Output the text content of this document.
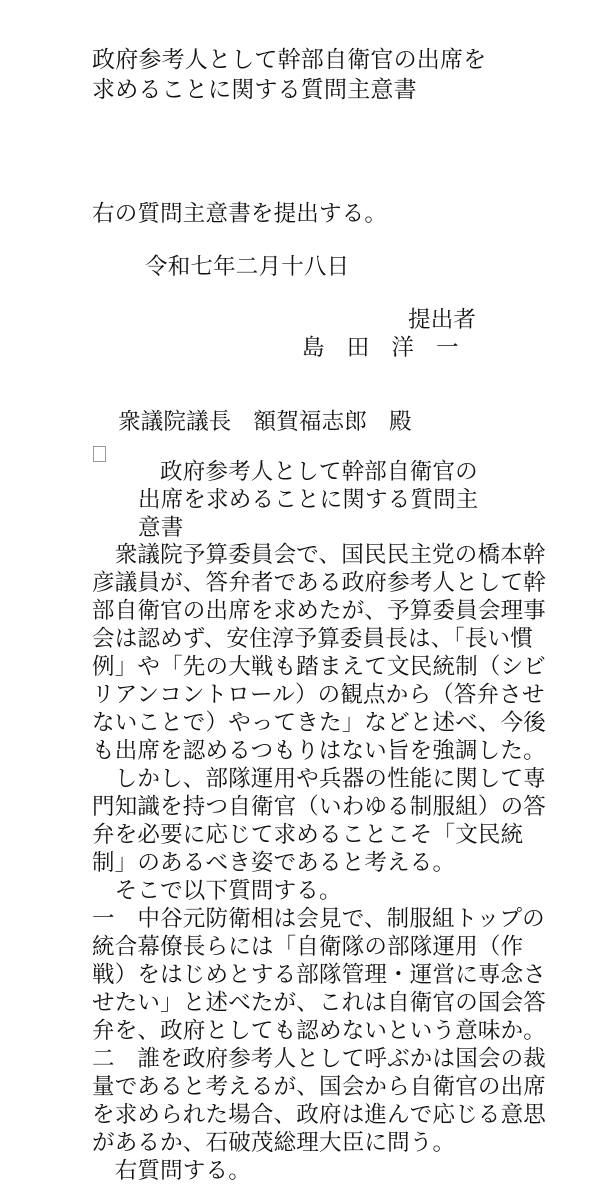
政府参考人として幹部自衛官の出席を
求めることに関する質問主意書
右の質問主意書を提出する。
令和七年二月十八日
提出者
島 田 洋 一
衆議院議長 額賀福志郎 殿
政府参考人として幹部自衛官の
出席を求めることに関する質問主
意書
　衆議院予算委員会で、国民民主党の橋本幹
彦議員が、答弁者である政府参考人として幹
部自衛官の出席を求めたが、予算委員会理事
会は認めず、安住淳予算委員長は、「長い慣
例」や「先の大戦も踏まえて文民統制（シビ
リアンコントロール）の観点から（答弁させ
ないことで）やってきた」などと述べ、今後
も出席を認めるつもりはない旨を強調した。
　しかし、部隊運用や兵器の性能に関して専
門知識を持つ自衛官（いわゆる制服組）の答
弁を必要に応じて求めることこそ「文民統
制」のあるべき姿であると考える。
　そこで以下質問する。
一　中谷元防衛相は会見で、制服組トップの
統合幕僚長らには「自衛隊の部隊運用（作
戦）をはじめとする部隊管理・運営に専念さ
せたい」と述べたが、これは自衛官の国会答
弁を、政府としても認めないという意味か。
二　誰を政府参考人として呼ぶかは国会の裁
量であると考えるが、国会から自衛官の出席
を求められた場合、政府は進んで応じる意思
があるか、石破茂総理大臣に問う。
　右質問する。
